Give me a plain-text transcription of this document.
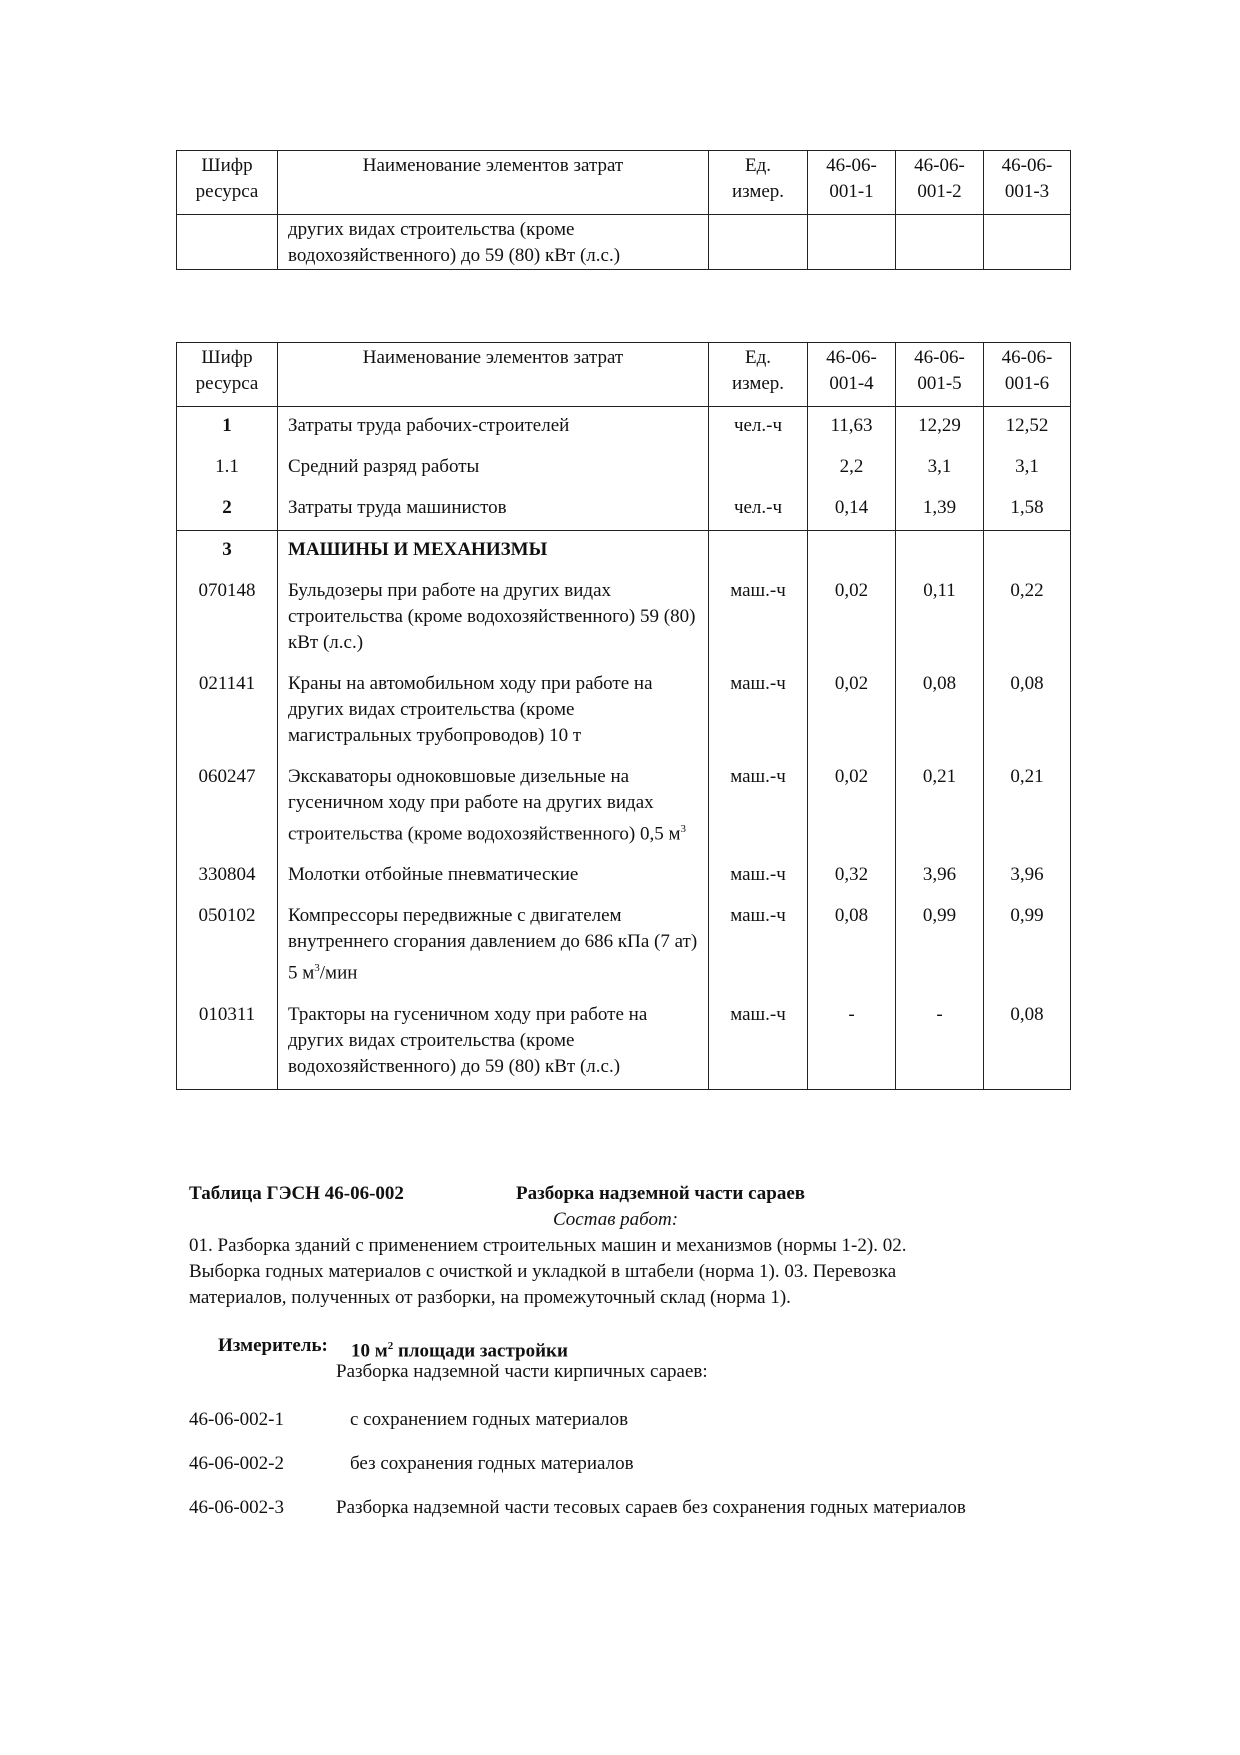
Шифр ресурса	Наименование элементов затрат	Ед. измер.	46-06-001-1	46-06-001-2	46-06-001-3
	других видах строительства (кроме водохозяйственного) до 59 (80) кВт (л.с.)				
Шифр ресурса	Наименование элементов затрат	Ед. измер.	46-06-001-4	46-06-001-5	46-06-001-6
1	Затраты труда рабочих-строителей	чел.-ч	11,63	12,29	12,52
1.1	Средний разряд работы		2,2	3,1	3,1
2	Затраты труда машинистов	чел.-ч	0,14	1,39	1,58
3	МАШИНЫ И МЕХАНИЗМЫ				
070148	Бульдозеры при работе на других видах строительства (кроме водохозяйственного) 59 (80) кВт (л.с.)	маш.-ч	0,02	0,11	0,22
021141	Краны на автомобильном ходу при работе на других видах строительства (кроме магистральных трубопроводов) 10 т	маш.-ч	0,02	0,08	0,08
060247	Экскаваторы одноковшовые дизельные на гусеничном ходу при работе на других видах строительства (кроме водохозяйственного) 0,5 $м^3$	маш.-ч	0,02	0,21	0,21
330804	Молотки отбойные пневматические	маш.-ч	0,32	3,96	3,96
050102	Компрессоры передвижные с двигателем внутреннего сгорания давлением до 686 кПа (7 ат) 5 $м^3$/мин	маш.-ч	0,08	0,99	0,99
010311	Тракторы на гусеничном ходу при работе на других видах строительства (кроме водохозяйственного) до 59 (80) кВт (л.с.)	маш.-ч	-	-	0,08
Таблица ГЭСН 46-06-002	Разборка надземной части сараев
Состав работ:
01. Разборка зданий с применением строительных машин и механизмов (нормы 1-2). 02.
Выборка годных материалов с очисткой и укладкой в штабели (норма 1). 03. Перевозка
материалов, полученных от разборки, на промежуточный склад (норма 1).
Измеритель: 10 $м^2$ площади застройки
Разборка надземной части кирпичных сараев:
46-06-002-1	с сохранением годных материалов
46-06-002-2	без сохранения годных материалов
46-06-002-3	Разборка надземной части тесовых сараев без сохранения годных материалов
